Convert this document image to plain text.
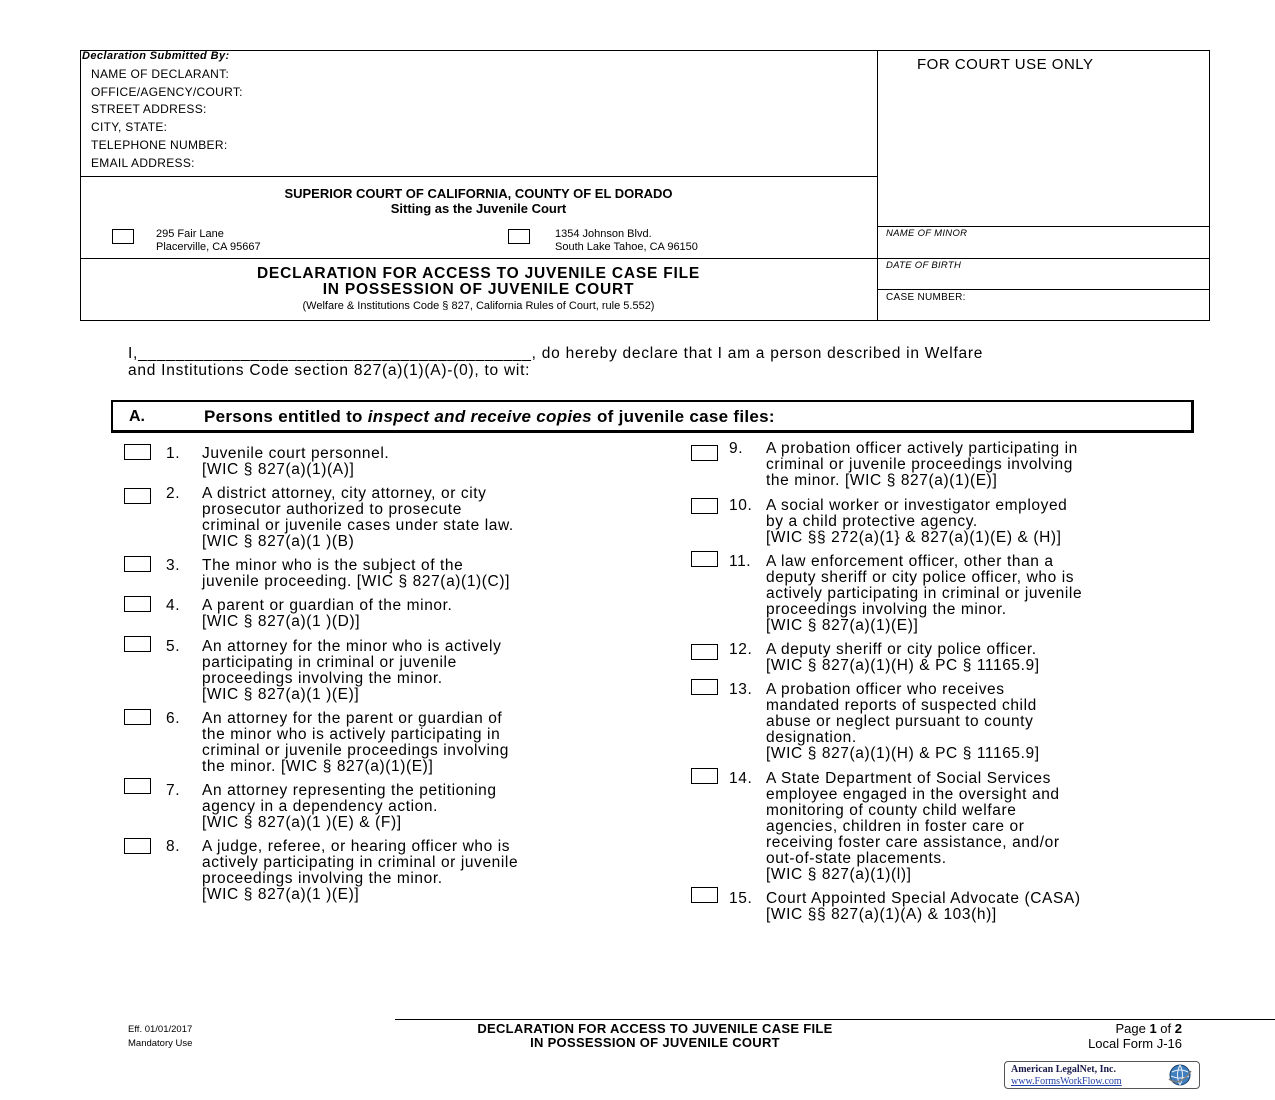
Declaration Submitted By:
NAME OF DECLARANT:
OFFICE/AGENCY/COURT:
STREET ADDRESS:
CITY, STATE:
TELEPHONE NUMBER:
EMAIL ADDRESS:
FOR COURT USE ONLY
SUPERIOR COURT OF CALIFORNIA, COUNTY OF EL DORADO
Sitting as the Juvenile Court
295 Fair Lane
Placerville, CA 95667
1354 Johnson Blvd.
South Lake Tahoe, CA 96150
NAME OF MINOR
DATE OF BIRTH
CASE NUMBER:
DECLARATION FOR ACCESS TO JUVENILE CASE FILE
IN POSSESSION OF JUVENILE COURT
(Welfare & Institutions Code § 827, California Rules of Court, rule 5.552)
I,__________________________________________, do hereby declare that I am a person described in Welfare
and Institutions Code section 827(a)(1)(A)-(0), to wit:
A.	Persons entitled to inspect and receive copies of juvenile case files:
1. Juvenile court personnel.
[WIC § 827(a)(1)(A)]
2. A district attorney, city attorney, or city
prosecutor authorized to prosecute
criminal or juvenile cases under state law.
[WIC § 827(a)(1 )(B)
3. The minor who is the subject of the
juvenile proceeding. [WIC § 827(a)(1)(C)]
4. A parent or guardian of the minor.
[WIC § 827(a)(1 )(D)]
5. An attorney for the minor who is actively
participating in criminal or juvenile
proceedings involving the minor.
[WIC § 827(a)(1 )(E)]
6. An attorney for the parent or guardian of
the minor who is actively participating in
criminal or juvenile proceedings involving
the minor. [WIC § 827(a)(1)(E)]
7. An attorney representing the petitioning
agency in a dependency action.
[WIC § 827(a)(1 )(E) & (F)]
8. A judge, referee, or hearing officer who is
actively participating in criminal or juvenile
proceedings involving the minor.
[WIC § 827(a)(1 )(E)]
9. A probation officer actively participating in
criminal or juvenile proceedings involving
the minor. [WIC § 827(a)(1)(E)]
10. A social worker or investigator employed
by a child protective agency.
[WIC §§ 272(a)(1} & 827(a)(1)(E) & (H)]
11. A law enforcement officer, other than a
deputy sheriff or city police officer, who is
actively participating in criminal or juvenile
proceedings involving the minor.
[WIC § 827(a)(1)(E)]
12. A deputy sheriff or city police officer.
[WIC § 827(a)(1)(H) & PC § 11165.9]
13. A probation officer who receives
mandated reports of suspected child
abuse or neglect pursuant to county
designation.
[WIC § 827(a)(1)(H) & PC § 11165.9]
14. A State Department of Social Services
employee engaged in the oversight and
monitoring of county child welfare
agencies, children in foster care or
receiving foster care assistance, and/or
out-of-state placements.
[WIC § 827(a)(1)(l)]
15. Court Appointed Special Advocate (CASA)
[WIC §§ 827(a)(1)(A) & 103(h)]
Eff. 01/01/2017
Mandatory Use
DECLARATION FOR ACCESS TO JUVENILE CASE FILE
IN POSSESSION OF JUVENILE COURT
Page 1 of 2
Local Form J-16
American LegalNet, Inc.
www.FormsWorkFlow.com
